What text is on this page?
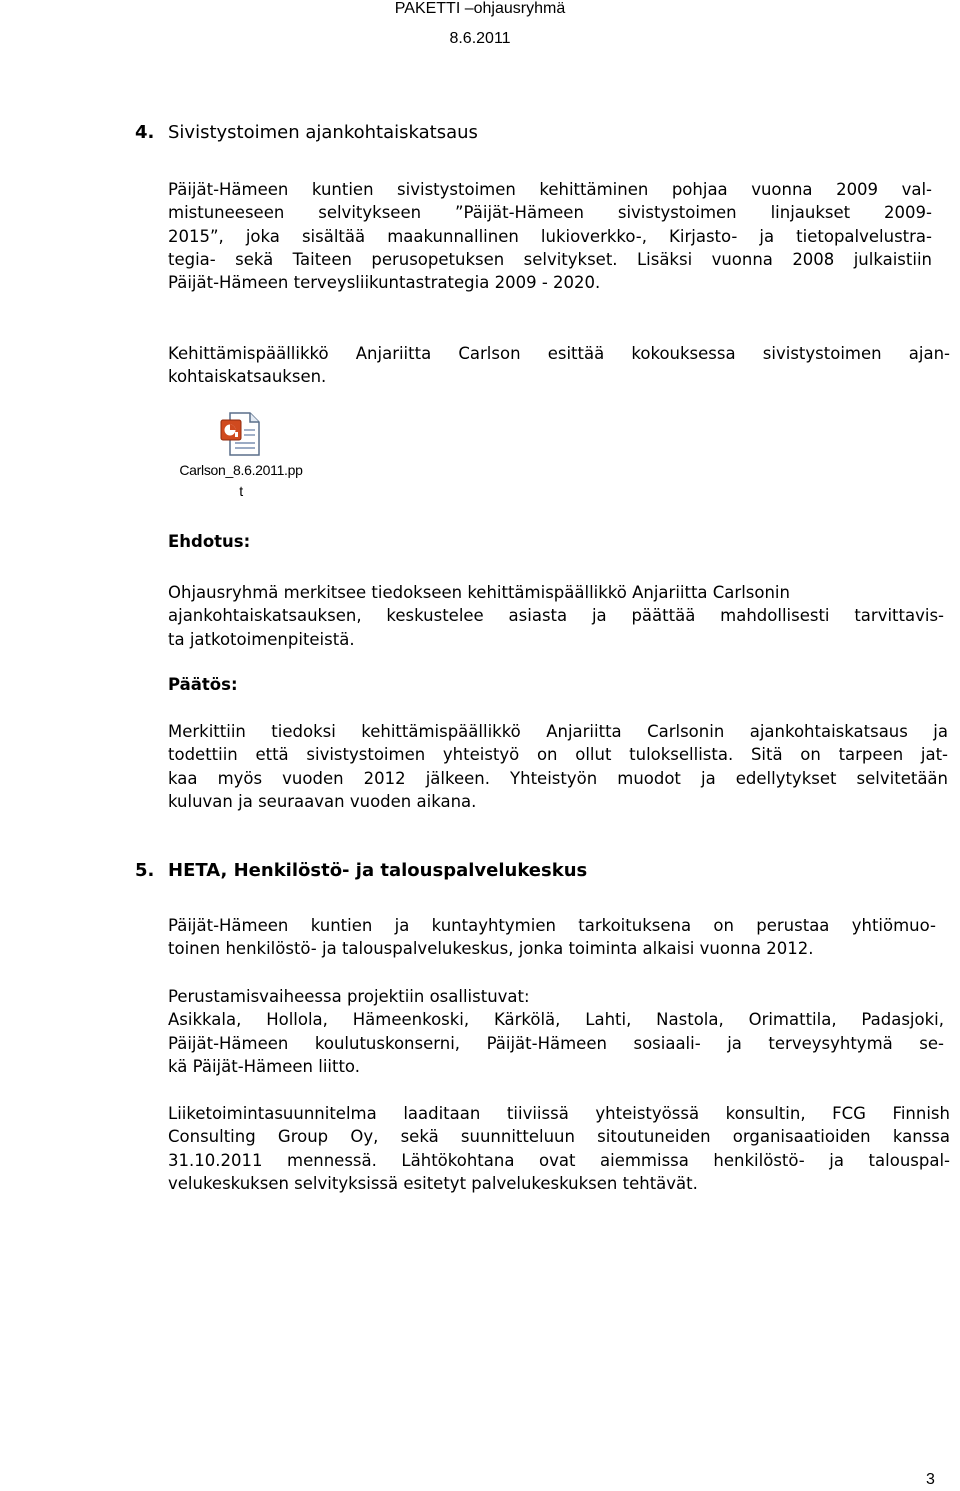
PAKETTI –ohjausryhmä
8.6.2011
4. Sivistystoimen ajankohtaiskatsaus
Päijät-Hämeen kuntien sivistystoimen kehittäminen pohjaa vuonna 2009 val-
mistuneeseen selvitykseen ”Päijät-Hämeen sivistystoimen linjaukset 2009-
2015”, joka sisältää maakunnallinen lukioverkko-, Kirjasto- ja tietopalvelustra-
tegia- sekä Taiteen perusopetuksen selvitykset. Lisäksi vuonna 2008 julkaistiin
Päijät-Hämeen terveysliikuntastrategia 2009 - 2020.
Kehittämispäällikkö Anjariitta Carlson esittää kokouksessa sivistystoimen ajan-
kohtaiskatsauksen.
Carlson_8.6.2011.pp
t
Ehdotus:
Ohjausryhmä merkitsee tiedokseen kehittämispäällikkö Anjariitta Carlsonin
ajankohtaiskatsauksen, keskustelee asiasta ja päättää mahdollisesti tarvittavis-
ta jatkotoimenpiteistä.
Päätös:
Merkittiin tiedoksi kehittämispäällikkö Anjariitta Carlsonin ajankohtaiskatsaus ja
todettiin että sivistystoimen yhteistyö on ollut tuloksellista. Sitä on tarpeen jat-
kaa myös vuoden 2012 jälkeen. Yhteistyön muodot ja edellytykset selvitetään
kuluvan ja seuraavan vuoden aikana.
5. HETA, Henkilöstö- ja talouspalvelukeskus
Päijät-Hämeen kuntien ja kuntayhtymien tarkoituksena on perustaa yhtiömuo-
toinen henkilöstö- ja talouspalvelukeskus, jonka toiminta alkaisi vuonna 2012.
Perustamisvaiheessa projektiin osallistuvat:
Asikkala, Hollola, Hämeenkoski, Kärkölä, Lahti, Nastola, Orimattila, Padasjoki,
Päijät-Hämeen koulutuskonserni, Päijät-Hämeen sosiaali- ja terveysyhtymä se-
kä Päijät-Hämeen liitto.
Liiketoimintasuunnitelma laaditaan tiiviissä yhteistyössä konsultin, FCG Finnish
Consulting Group Oy, sekä suunnitteluun sitoutuneiden organisaatioiden kanssa
31.10.2011 mennessä. Lähtökohtana ovat aiemmissa henkilöstö- ja talouspal-
velukeskuksen selvityksissä esitetyt palvelukeskuksen tehtävät.
3
